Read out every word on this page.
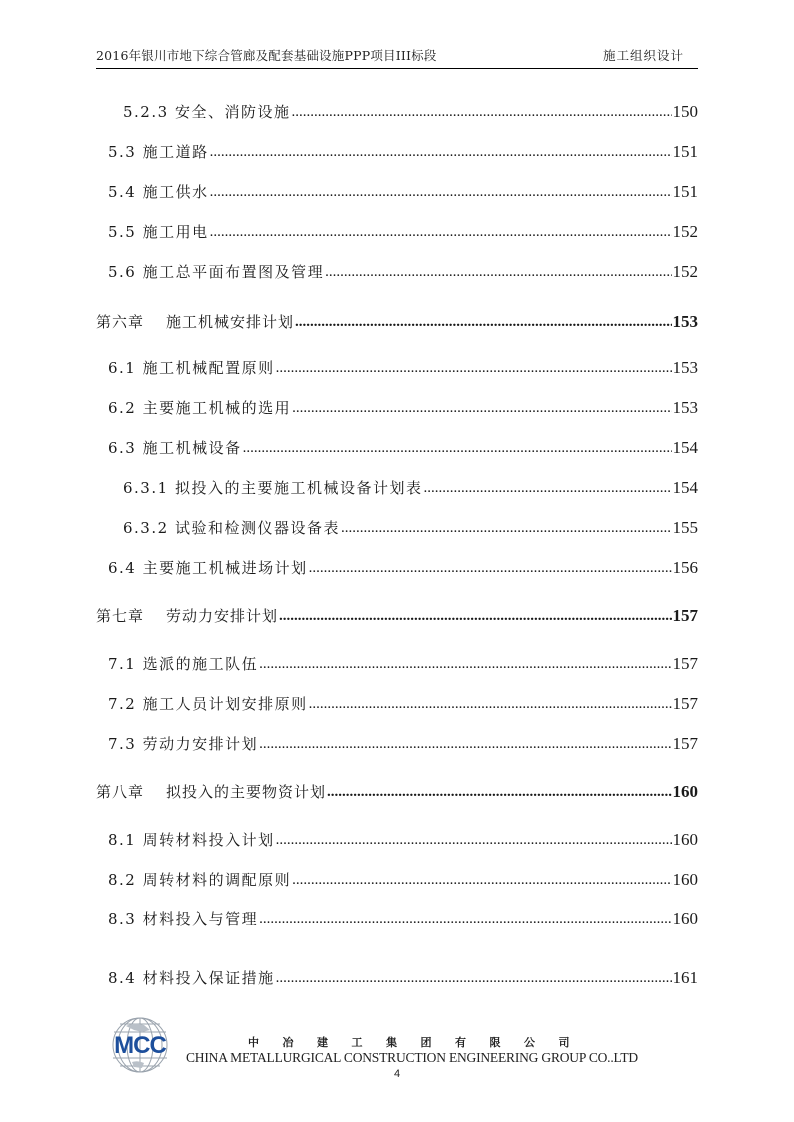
2016年银川市地下综合管廊及配套基础设施PPP项目III标段	施工组织设计
5.2.3 安全、消防设施 .....	150
5.3 施工道路 .....	151
5.4 施工供水 .....	151
5.5 施工用电 .....	152
5.6 施工总平面布置图及管理 .....	152
第六章 施工机械安排计划 .....	153
6.1 施工机械配置原则 .....	153
6.2 主要施工机械的选用 .....	153
6.3 施工机械设备 .....	154
6.3.1 拟投入的主要施工机械设备计划表 .....	154
6.3.2 试验和检测仪器设备表 .....	155
6.4 主要施工机械进场计划 .....	156
第七章 劳动力安排计划 .....	157
7.1 选派的施工队伍 .....	157
7.2 施工人员计划安排原则 .....	157
7.3 劳动力安排计划 .....	157
第八章 拟投入的主要物资计划 .....	160
8.1 周转材料投入计划 .....	160
8.2 周转材料的调配原则 .....	160
8.3 材料投入与管理 .....	160
8.4 材料投入保证措施 .....	161
MCC	中冶建工集团有限公司
CHINA METALLURGICAL CONSTRUCTION ENGINEERING GROUP CO..LTD
4
